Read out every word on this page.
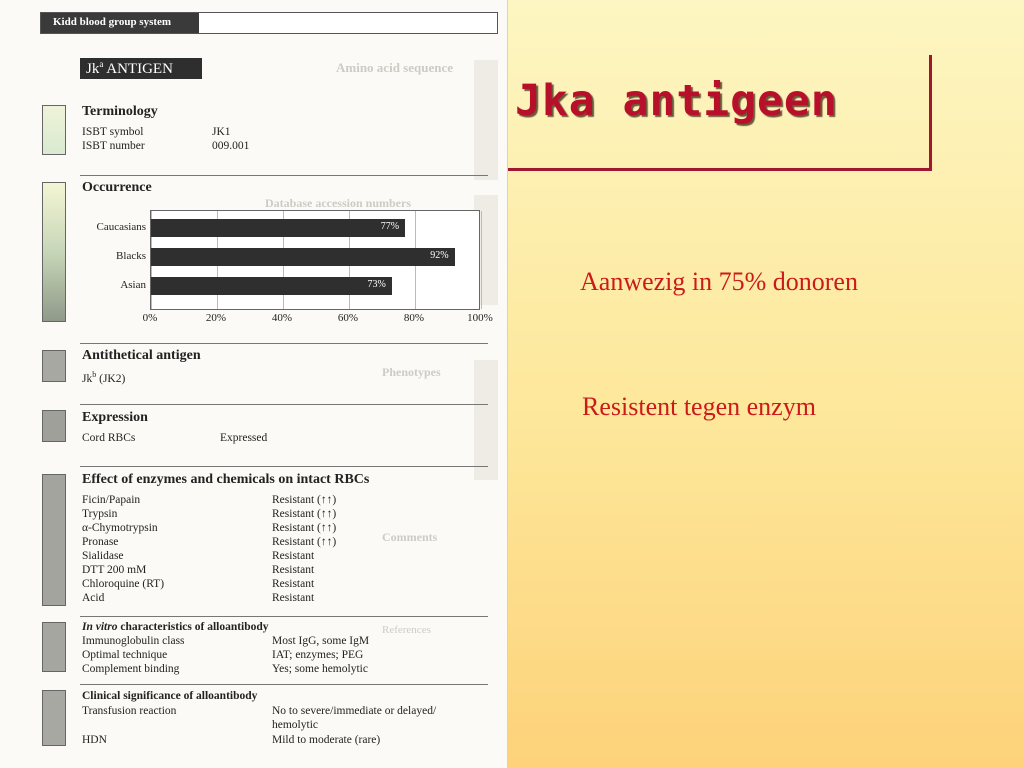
Jka antigeen
Aanwezig in 75% donoren
Resistent tegen enzym
Amino acid sequence
Database accession numbers
Phenotypes
Comments
References
Kidd blood group system
Jk$^a$ ANTIGEN
Terminology
ISBT symbol	JK1
ISBT number	009.001
Occurrence
77%
92%
73%
Caucasians
Blacks
Asian
0%	20%	40%	60%	80%	100%
Antithetical antigen
Jk$^b$ (JK2)
Expression
Cord RBCs	Expressed
Effect of enzymes and chemicals on intact RBCs
Ficin/Papain	Resistant (↑↑)
Trypsin	Resistant (↑↑)
α-Chymotrypsin	Resistant (↑↑)
Pronase	Resistant (↑↑)
Sialidase	Resistant
DTT 200 mM	Resistant
Chloroquine (RT)	Resistant
Acid	Resistant
In vitro characteristics of alloantibody
Immunoglobulin class	Most IgG, some IgM
Optimal technique	IAT; enzymes; PEG
Complement binding	Yes; some hemolytic
Clinical significance of alloantibody
Transfusion reaction	No to severe/immediate or delayed/
hemolytic
HDN	Mild to moderate (rare)
